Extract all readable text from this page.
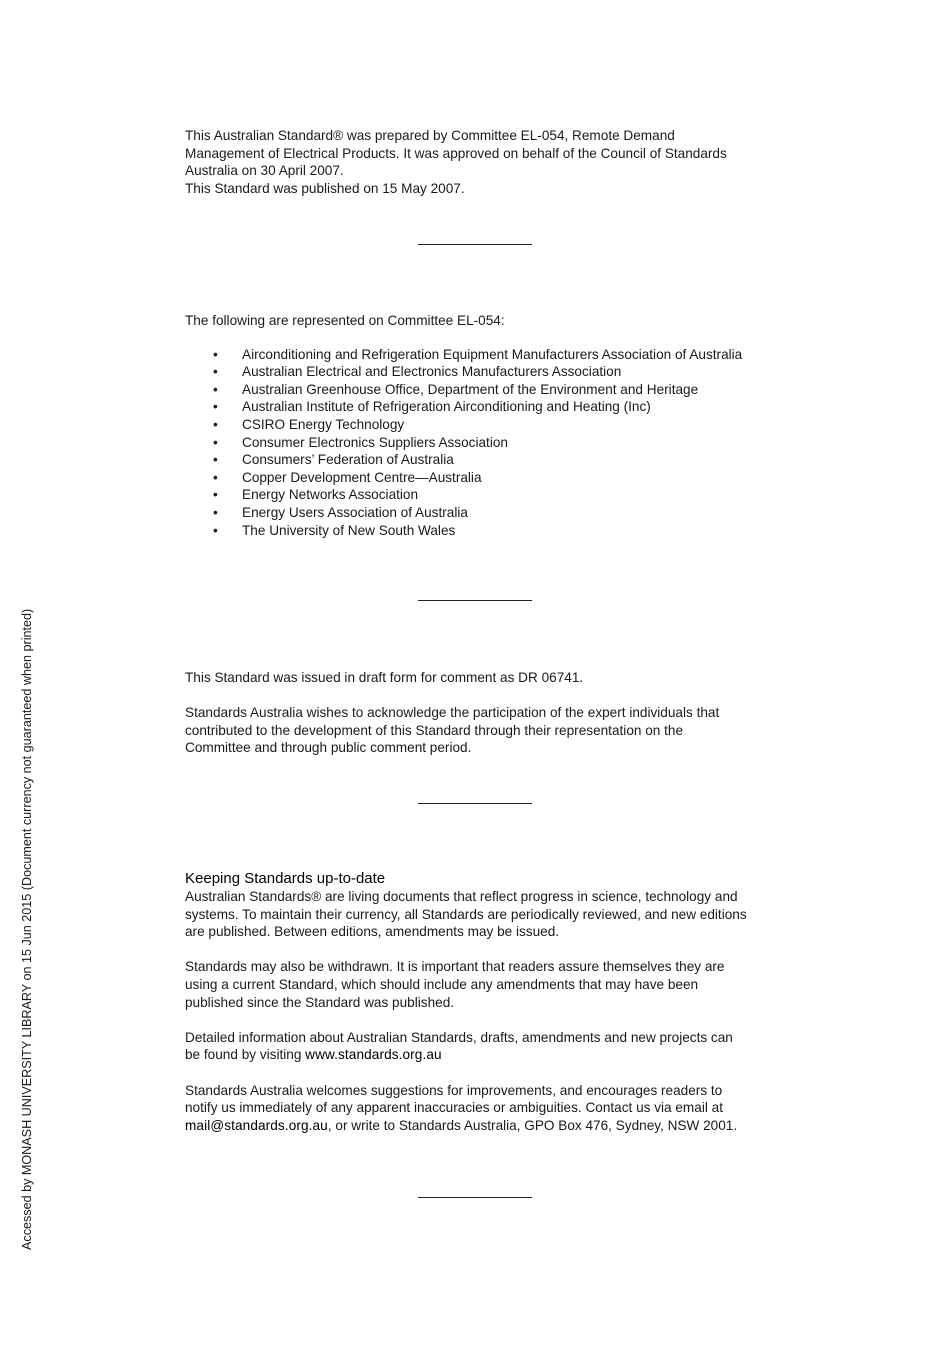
This Australian Standard® was prepared by Committee EL-054, Remote Demand

Management of Electrical Products. It was approved on behalf of the Council of Standards

Australia on 30 April 2007.

This Standard was published on 15 May 2007.

The following are represented on Committee EL-054:

• Airconditioning and Refrigeration Equipment Manufacturers Association of Australia
• Australian Electrical and Electronics Manufacturers Association
• Australian Greenhouse Office, Department of the Environment and Heritage
• Australian Institute of Refrigeration Airconditioning and Heating (Inc)
• CSIRO Energy Technology
• Consumer Electronics Suppliers Association
• Consumers’ Federation of Australia
• Copper Development Centre—Australia
• Energy Networks Association
• Energy Users Association of Australia
• The University of New South Wales

This Standard was issued in draft form for comment as DR 06741.

Standards Australia wishes to acknowledge the participation of the expert individuals that

contributed to the development of this Standard through their representation on the

Committee and through public comment period.

Keeping Standards up-to-date

Australian Standards® are living documents that reflect progress in science, technology and

systems. To maintain their currency, all Standards are periodically reviewed, and new editions

are published. Between editions, amendments may be issued.

Standards may also be withdrawn. It is important that readers assure themselves they are

using a current Standard, which should include any amendments that may have been

published since the Standard was published.

Detailed information about Australian Standards, drafts, amendments and new projects can

be found by visiting www.standards.org.au

Standards Australia welcomes suggestions for improvements, and encourages readers to

notify us immediately of any apparent inaccuracies or ambiguities. Contact us via email at

mail@standards.org.au, or write to Standards Australia, GPO Box 476, Sydney, NSW 2001.

Accessed by MONASH UNIVERSITY LIBRARY on 15 Jun 2015 (Document currency not guaranteed when printed)
